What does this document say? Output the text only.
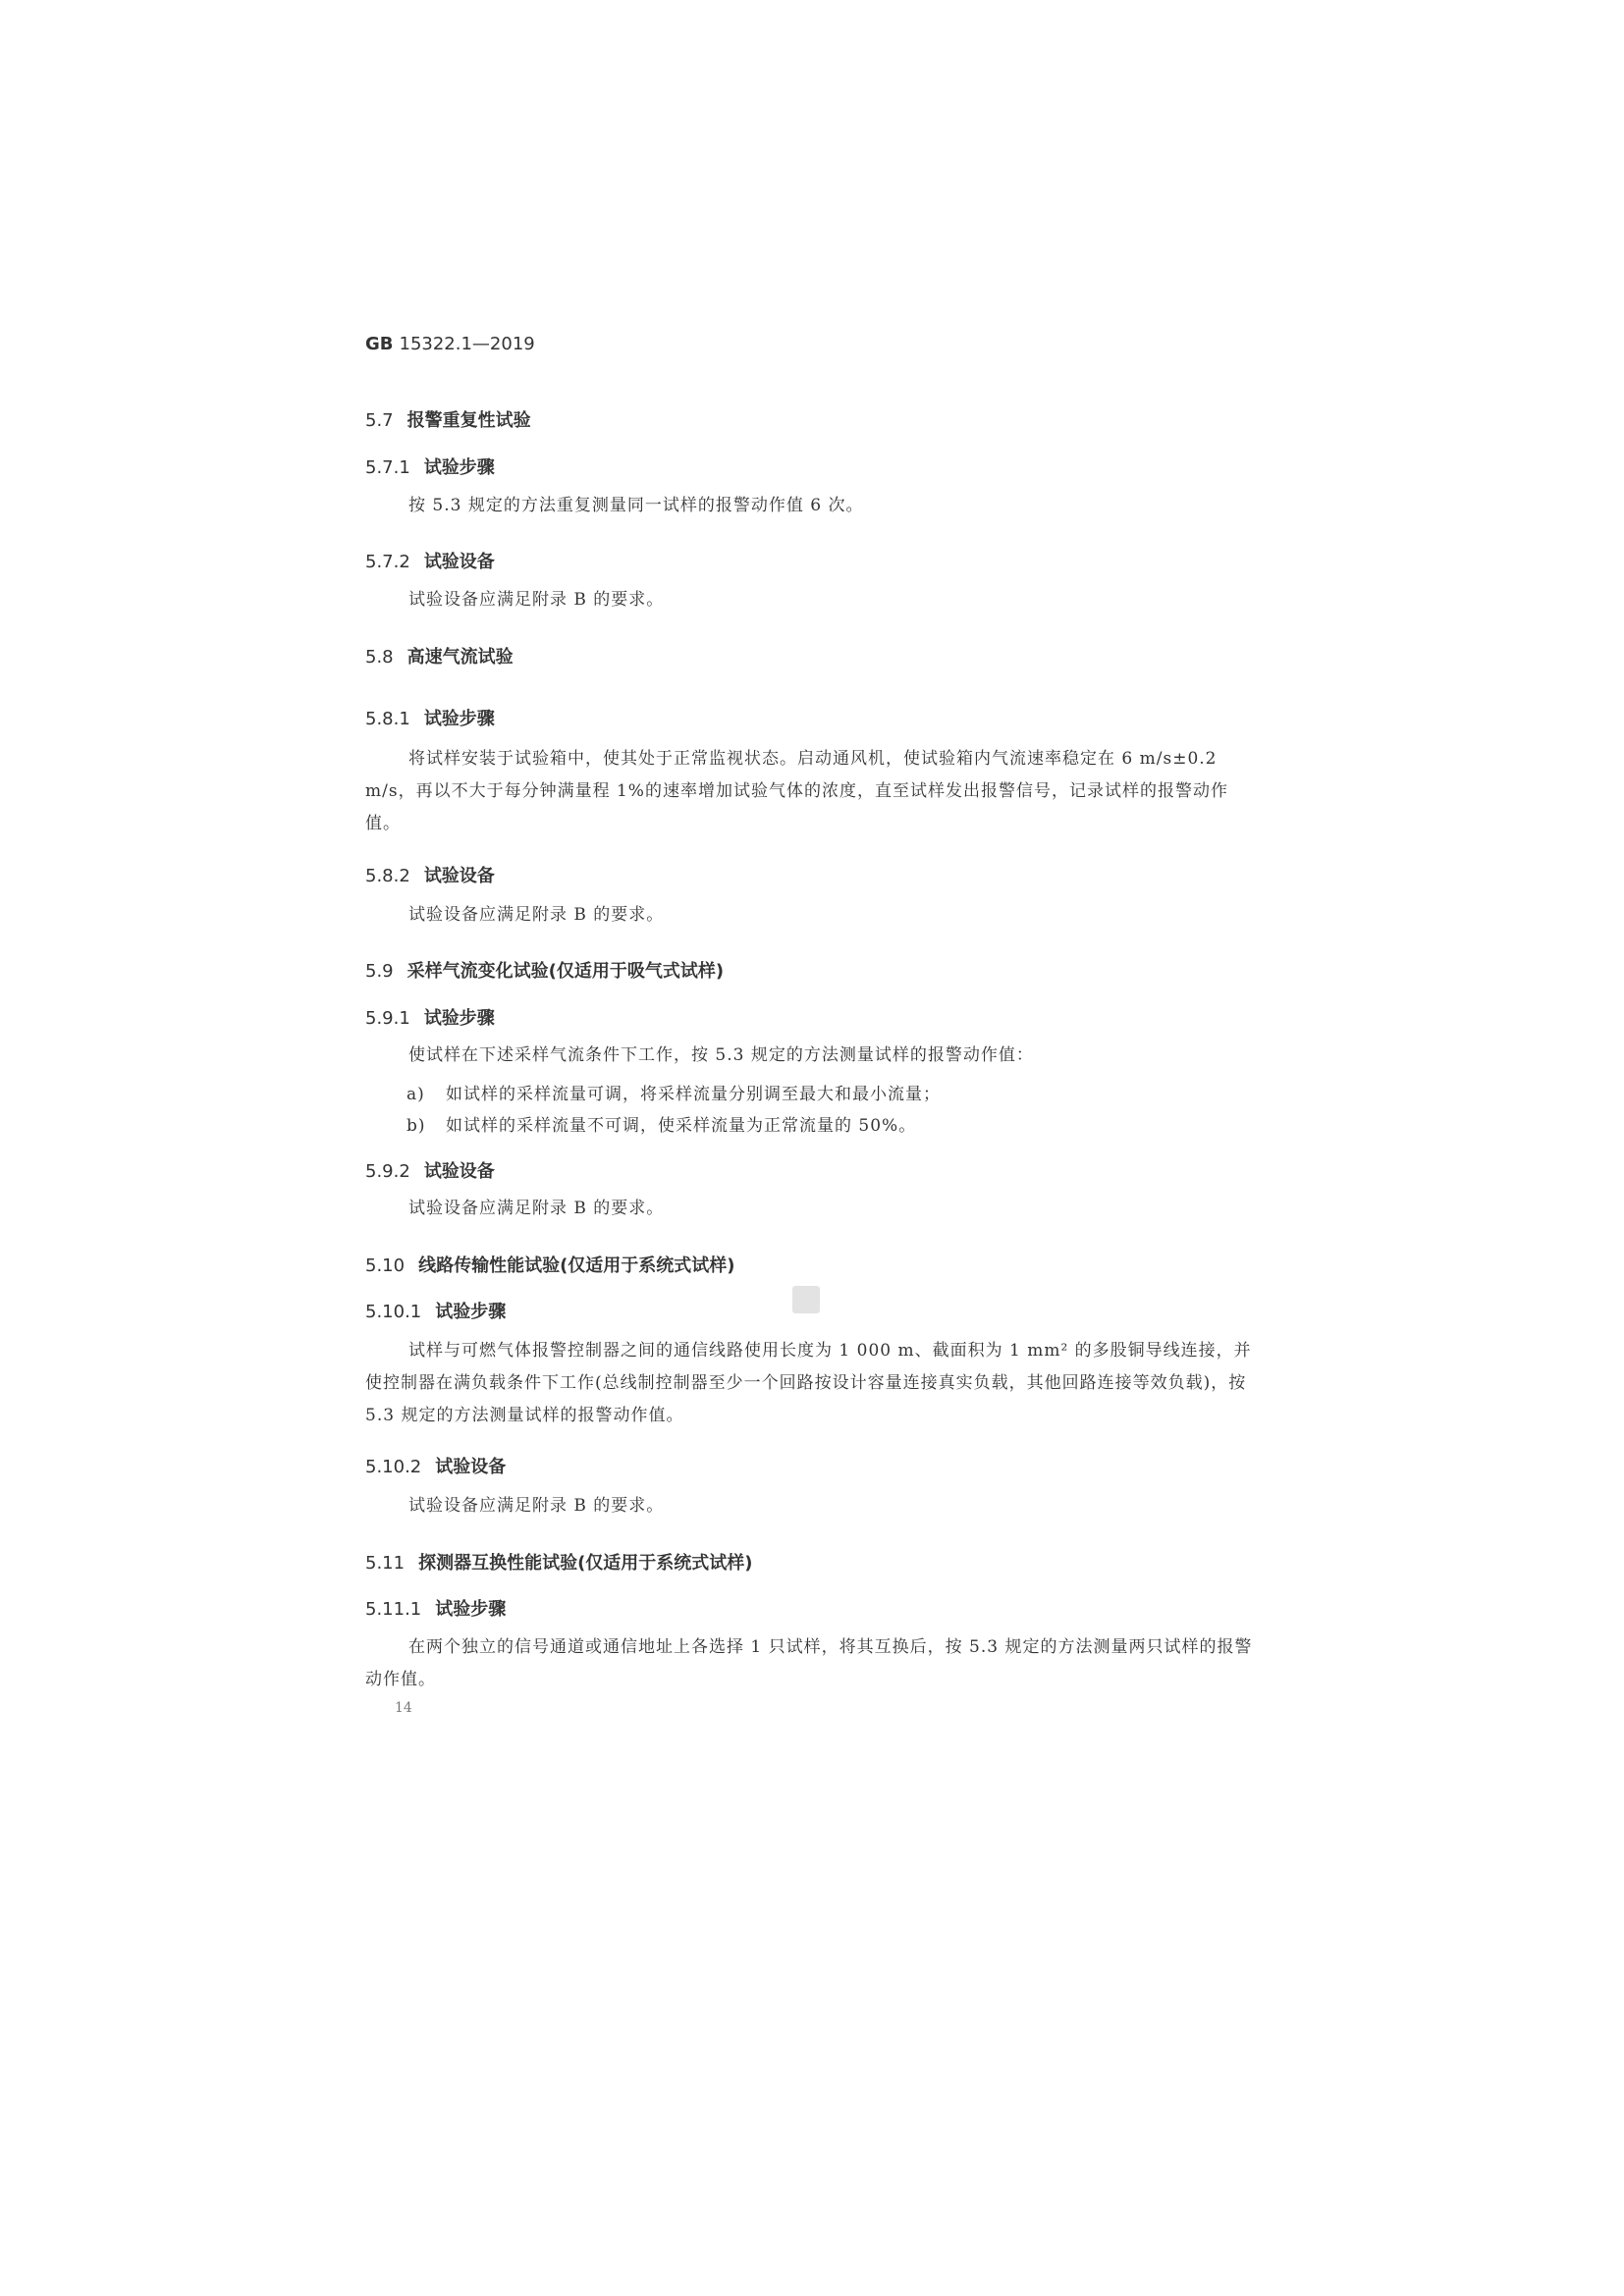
GB 15322.1—2019
5.7 报警重复性试验
5.7.1 试验步骤
按 5.3 规定的方法重复测量同一试样的报警动作值 6 次。
5.7.2 试验设备
试验设备应满足附录 B 的要求。
5.8 高速气流试验
5.8.1 试验步骤
将试样安装于试验箱中，使其处于正常监视状态。启动通风机，使试验箱内气流速率稳定在 6 m/s±0.2 m/s，再以不大于每分钟满量程 1%的速率增加试验气体的浓度，直至试样发出报警信号，记录试样的报警动作值。
5.8.2 试验设备
试验设备应满足附录 B 的要求。
5.9 采样气流变化试验(仅适用于吸气式试样)
5.9.1 试验步骤
使试样在下述采样气流条件下工作，按 5.3 规定的方法测量试样的报警动作值：
a) 如试样的采样流量可调，将采样流量分别调至最大和最小流量；
b) 如试样的采样流量不可调，使采样流量为正常流量的 50%。
5.9.2 试验设备
试验设备应满足附录 B 的要求。
5.10 线路传输性能试验(仅适用于系统式试样)
5.10.1 试验步骤
试样与可燃气体报警控制器之间的通信线路使用长度为 1 000 m、截面积为 1 mm² 的多股铜导线连接，并使控制器在满负载条件下工作(总线制控制器至少一个回路按设计容量连接真实负载，其他回路连接等效负载)，按 5.3 规定的方法测量试样的报警动作值。
5.10.2 试验设备
试验设备应满足附录 B 的要求。
5.11 探测器互换性能试验(仅适用于系统式试样)
5.11.1 试验步骤
在两个独立的信号通道或通信地址上各选择 1 只试样，将其互换后，按 5.3 规定的方法测量两只试样的报警动作值。
14
